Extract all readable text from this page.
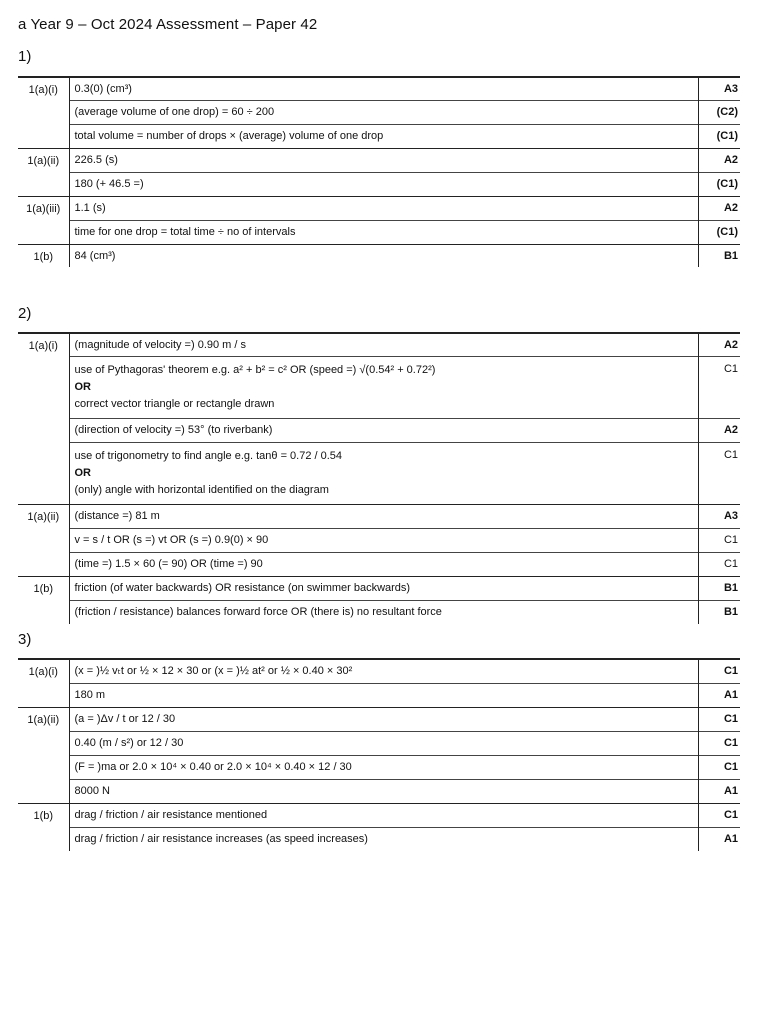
a Year 9 – Oct 2024 Assessment – Paper 42
1)
1(a)(i)	0.3(0) (cm³)	A3

	(average volume of one drop) = 60 ÷ 200	(C2)

	total volume = number of drops × (average) volume of one drop	(C1)
1(a)(ii)	226.5 (s)	A2

	180 (+ 46.5 =)	(C1)
1(a)(iii)	1.1 (s)	A2

	time for one drop = total time ÷ no of intervals	(C1)
1(b)	84 (cm³)	B1
2)
1(a)(i)	(magnitude of velocity =) 0.90 m / s	A2

	use of Pythagoras' theorem e.g. a² + b² = c² OR (speed =) √(0.54² + 0.72²)
OR
correct vector triangle or rectangle drawn	C1

	(direction of velocity =) 53° (to riverbank)	A2

	use of trigonometry to find angle e.g. tanθ = 0.72 / 0.54
OR
(only) angle with horizontal identified on the diagram	C1
1(a)(ii)	(distance =) 81 m	A3

	v = s / t OR (s =) vt OR (s =) 0.9(0) × 90	C1

	(time =) 1.5 × 60 (= 90) OR (time =) 90	C1
1(b)	friction (of water backwards) OR resistance (on swimmer backwards)	B1

	(friction / resistance) balances forward force OR (there is) no resultant force	B1
3)
1(a)(i)	(x = )½ vₜt or ½ × 12 × 30 or (x = )½ at² or ½ × 0.40 × 30²	C1

	180 m	A1
1(a)(ii)	(a = )Δv / t or 12 / 30	C1

	0.40 (m / s²) or 12 / 30	C1

	(F = )ma or 2.0 × 10⁴ × 0.40 or 2.0 × 10⁴ × 0.40 × 12 / 30	C1

	8000 N	A1
1(b)	drag / friction / air resistance mentioned	C1

	drag / friction / air resistance increases (as speed increases)	A1
